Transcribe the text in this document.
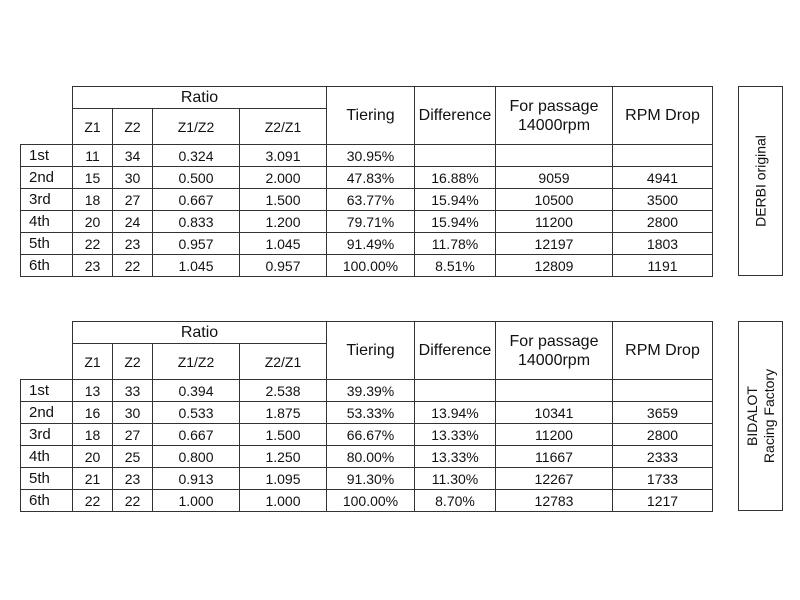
	Ratio				Tiering	Difference	For passage
14000rpm	RPM Drop
	Z1	Z2	Z1/Z2	Z2/Z1				
1st	11	34	0.324	3.091	30.95%			
2nd	15	30	0.500	2.000	47.83%	16.88%	9059	4941
3rd	18	27	0.667	1.500	63.77%	15.94%	10500	3500
4th	20	24	0.833	1.200	79.71%	15.94%	11200	2800
5th	22	23	0.957	1.045	91.49%	11.78%	12197	1803
6th	23	22	1.045	0.957	100.00%	8.51%	12809	1191
DERBI original
	Ratio				Tiering	Difference	For passage
14000rpm	RPM Drop
	Z1	Z2	Z1/Z2	Z2/Z1				
1st	13	33	0.394	2.538	39.39%			
2nd	16	30	0.533	1.875	53.33%	13.94%	10341	3659
3rd	18	27	0.667	1.500	66.67%	13.33%	11200	2800
4th	20	25	0.800	1.250	80.00%	13.33%	11667	2333
5th	21	23	0.913	1.095	91.30%	11.30%	12267	1733
6th	22	22	1.000	1.000	100.00%	8.70%	12783	1217
BIDALOT Racing Factory
